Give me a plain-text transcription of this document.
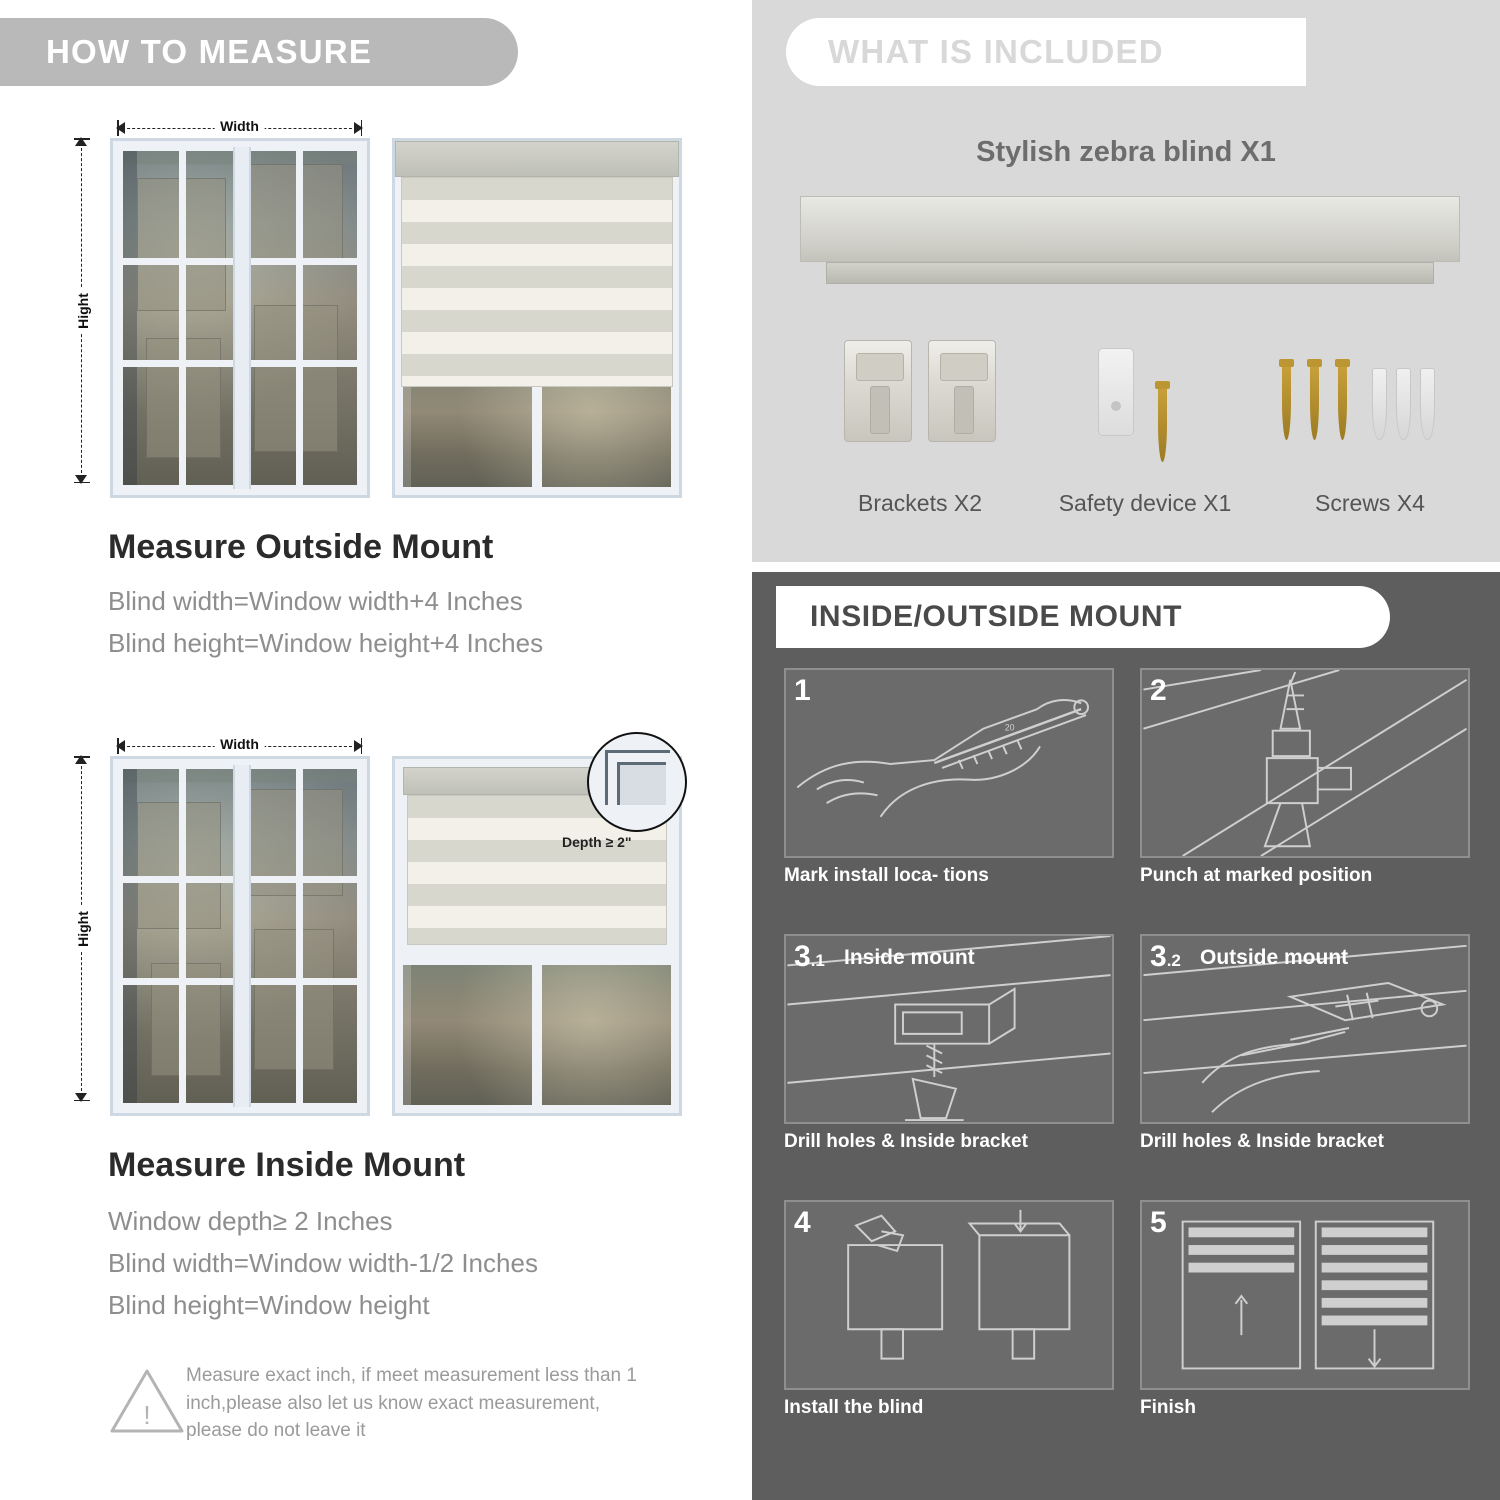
HOW TO MEASURE
Width
Hight
Measure Outside Mount
Blind width=Window width+4 Inches
Blind height=Window height+4 Inches
Width
Hight
Depth ≥ 2"
Measure Inside Mount
Window depth≥ 2 Inches
Blind width=Window width-1/2 Inches
Blind height=Window height
!
Measure exact inch, if meet measurement less than 1 inch,please also let us know exact measurement, please do not leave it
WHAT IS INCLUDED
Stylish zebra blind X1
Brackets X2	Safety device X1	Screws X4
INSIDE/OUTSIDE MOUNT
20
1
Mark install loca- tions
2
Punch at marked position
3.1 Inside mount
Drill holes & Inside bracket
3.2 Outside mount
Drill holes & Inside bracket
4
Install the blind
5
Finish
